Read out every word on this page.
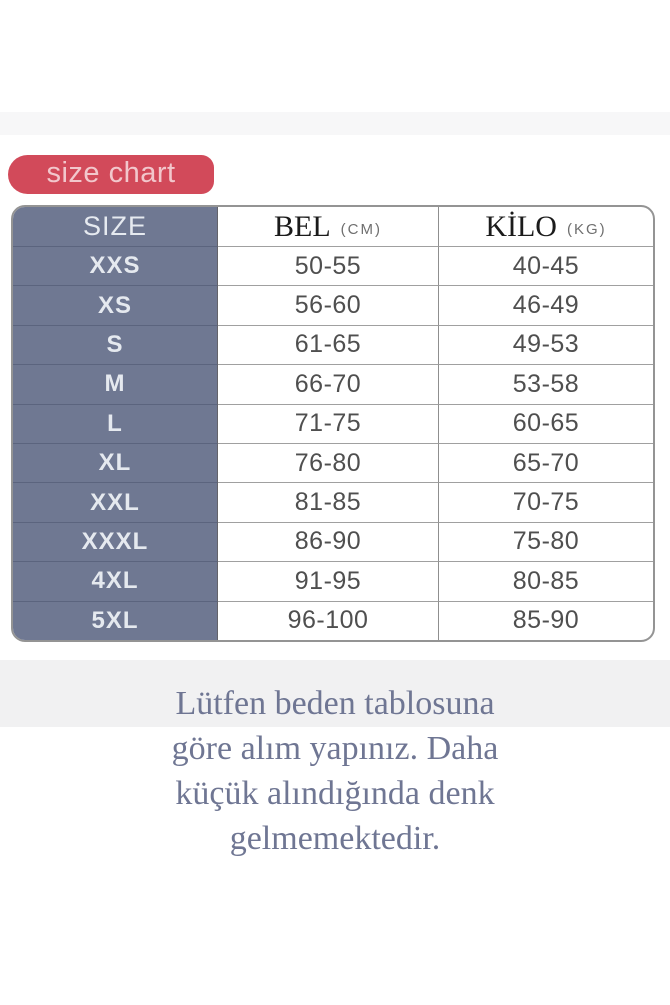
size chart
SIZE	BEL (CM)	KİLO (KG)
XXS	50-55	40-45
XS	56-60	46-49
S	61-65	49-53
M	66-70	53-58
L	71-75	60-65
XL	76-80	65-70
XXL	81-85	70-75
XXXL	86-90	75-80
4XL	91-95	80-85
5XL	96-100	85-90
Lütfen beden tablosuna
göre alım yapınız. Daha
küçük alındığında denk
gelmemektedir.
